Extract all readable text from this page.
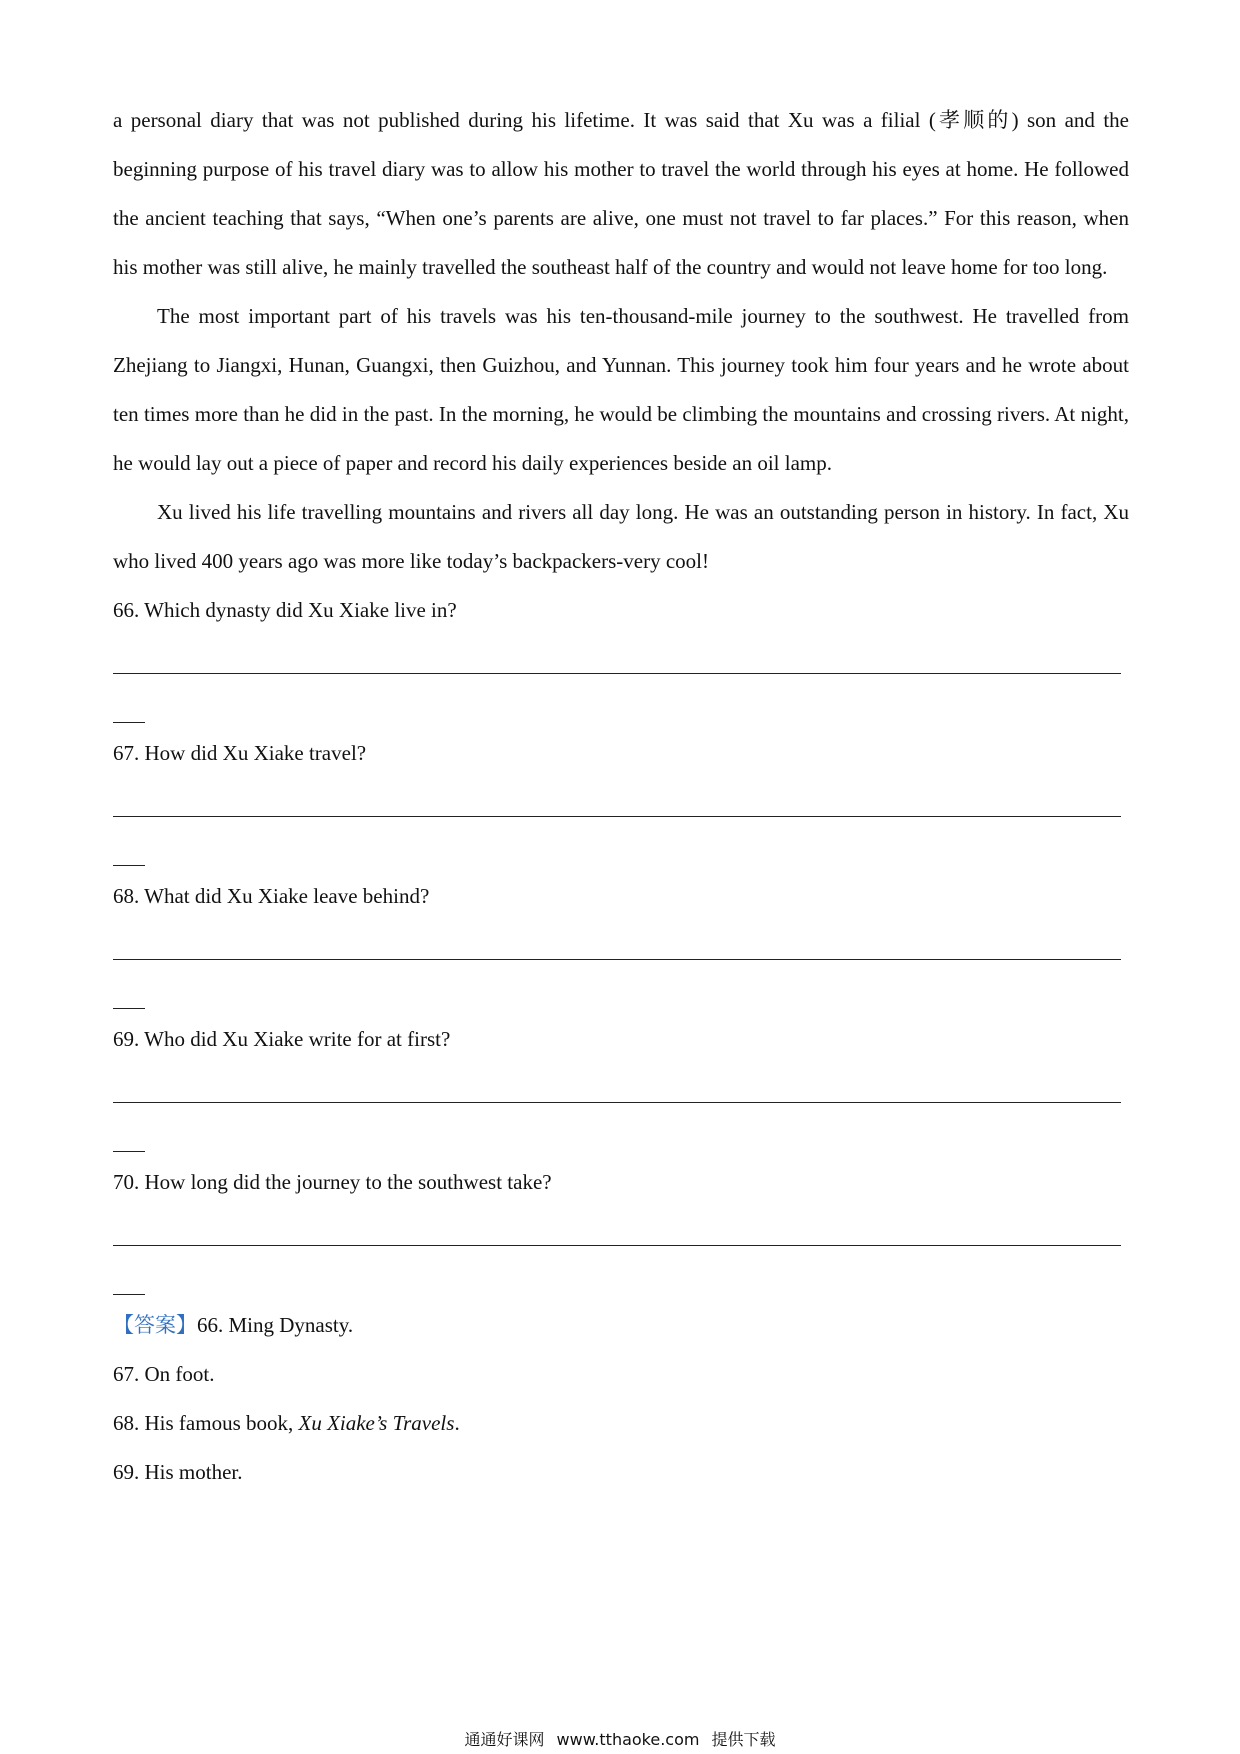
a personal diary that was not published during his lifetime. It was said that Xu was a filial (孝顺的) son and the beginning purpose of his travel diary was to allow his mother to travel the world through his eyes at home. He followed the ancient teaching that says, “When one’s parents are alive, one must not travel to far places.” For this reason, when his mother was still alive, he mainly travelled the southeast half of the country and would not leave home for too long.

The most important part of his travels was his ten-thousand-mile journey to the southwest. He travelled from Zhejiang to Jiangxi, Hunan, Guangxi, then Guizhou, and Yunnan. This journey took him four years and he wrote about ten times more than he did in the past. In the morning, he would be climbing the mountains and crossing rivers. At night, he would lay out a piece of paper and record his daily experiences beside an oil lamp.

Xu lived his life travelling mountains and rivers all day long. He was an outstanding person in history. In fact, Xu who lived 400 years ago was more like today’s backpackers-very cool!

66. Which dynasty did Xu Xiake live in?

67. How did Xu Xiake travel?

68. What did Xu Xiake leave behind?

69. Who did Xu Xiake write for at first?

70. How long did the journey to the southwest take?

【答案】66. Ming Dynasty.

67. On foot.

68. His famous book, Xu Xiake’s Travels.

69. His mother.

通通好课网 www.tthaoke.com 提供下载
